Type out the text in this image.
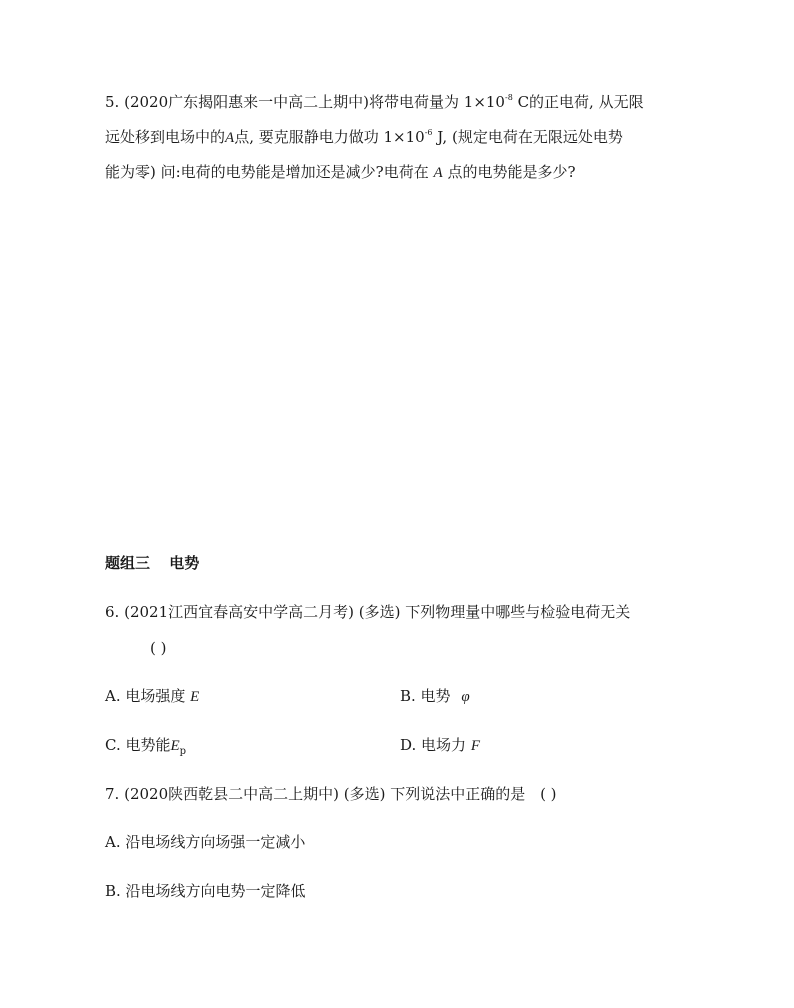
5. (2020广东揭阳惠来一中高二上期中)将带电荷量为 $1\times 10^{-8}$ C的正电荷, 从无限
远处移到电场中的A点, 要克服静电力做功 $1\times 10^{-6}$ J, (规定电荷在无限远处电势
能为零) 问:电荷的电势能是增加还是减少?电荷在 A 点的电势能是多少?
题组三 电势
6. (2021江西宜春高安中学高二月考) (多选) 下列物理量中哪些与检验电荷无关
( )
A. 电场强度 E	B. 电势 φ
C. 电势能$E_p$	D. 电场力 F
7. (2020陕西乾县二中高二上期中) (多选) 下列说法中正确的是 ( )
A. 沿电场线方向场强一定减小
B. 沿电场线方向电势一定降低
